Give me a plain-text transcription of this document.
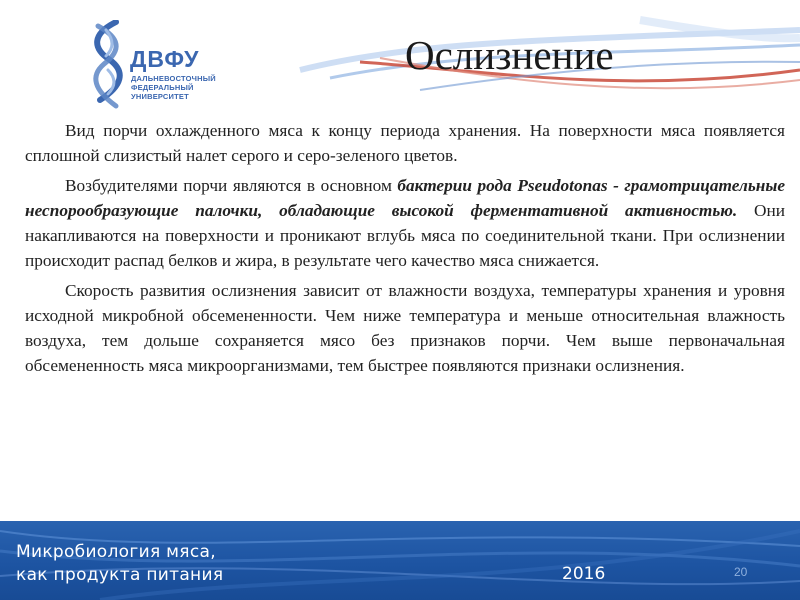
ДВФУ
ДАЛЬНЕВОСТОЧНЫЙ
ФЕДЕРАЛЬНЫЙ
УНИВЕРСИТЕТ
Ослизнение

Вид порчи охлажденного мяса к концу периода хранения. На поверхности мяса появляется сплошной слизистый налет серого и серо-зеленого цветов.

Возбудителями порчи являются в основном бактерии рода Pseudotonas - грамотрицательные неспорообразующие палочки, обладающие высокой ферментативной активностью. Они накапливаются на поверхности и проникают вглубь мяса по соединительной ткани. При ослизнении происходит распад белков и жира, в результате чего качество мяса снижается.

Скорость развития ослизнения зависит от влажности воздуха, температуры хранения и уровня исходной микробной обсемененности. Чем ниже температура и меньше относительная влажность воздуха, тем дольше сохраняется мясо без признаков порчи. Чем выше первоначальная обсемененность мяса микроорганизмами, тем быстрее появляются признаки ослизнения.

Микробиология мяса,
как продукта питания	2016	20
